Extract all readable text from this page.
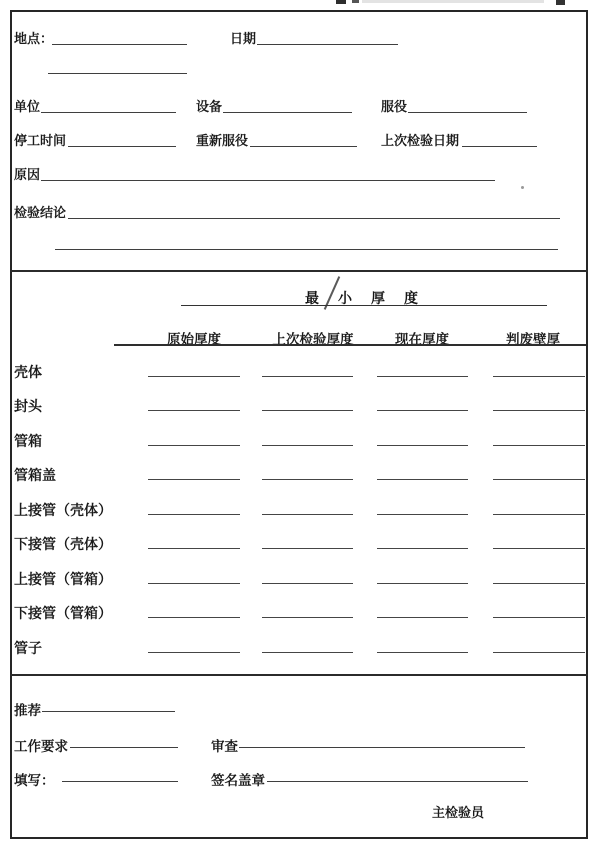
地点：	日期
单位	设备	服役
停工时间	重新服役	上次检验日期
原因
检验结论
最小厚度
原始厚度	上次检验厚度	现在厚度	判废壁厚
壳体
封头
管箱
管箱盖
上接管（壳体）
下接管（壳体）
上接管（管箱）
下接管（管箱）
管子
推荐
工作要求	审查
填写：	签名盖章
主检验员
